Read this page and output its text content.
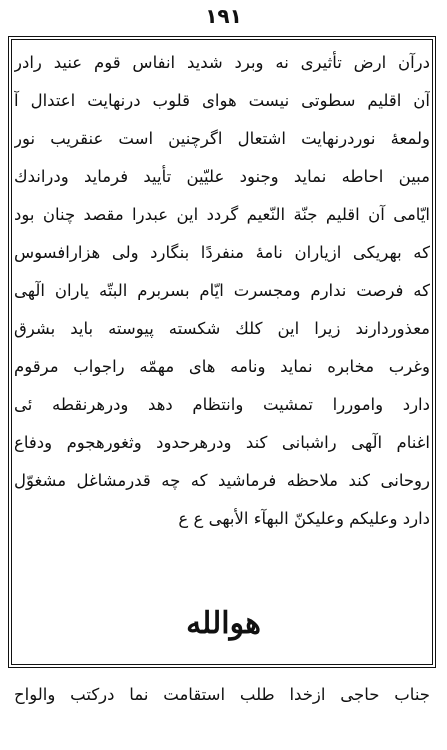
١٩١
درآن ارض تأثیری نه وبرد شدید انفاس قوم عنید رادر
آن اقلیم سطوتی نیست هوای قلوب درنهایت اعتدال آ
ولمعهٔ نوردرنهایت اشتعال اگرچنین است عنقریب نور
مبین احاطه نماید وجنود علیّین تأیید فرماید ودراندك
ایّامی آن اقلیم جنّة النّعیم گردد این عبدرا مقصد چنان بود
که بهریکی ازیاران نامهٔ منفردًا بنگارد ولی هزارافسوس
که فرصت ندارم ومجسرت ایّام بسربرم البتّه یاران الٓهی
معذوردارند زیرا این کلك شکسته پیوسته باید بشرق
وغرب مخابره نماید ونامه های مهمّه راجواب مرقوم
دارد واموررا تمشیت وانتظام دهد ودرهرنقطه ئی
اغنام الٓهی راشبانی کند ودرهرحدود وثغورهجوم ودفاع
روحانی کند ملاحظه فرماشید که چه قدرمشاغل مشغوّل
دارد وعلیکم وعلیکنّ البهآء الأبهی ع ع
هوالله
جناب حاجی ازخدا طلب استقامت نما درکتب والواح
